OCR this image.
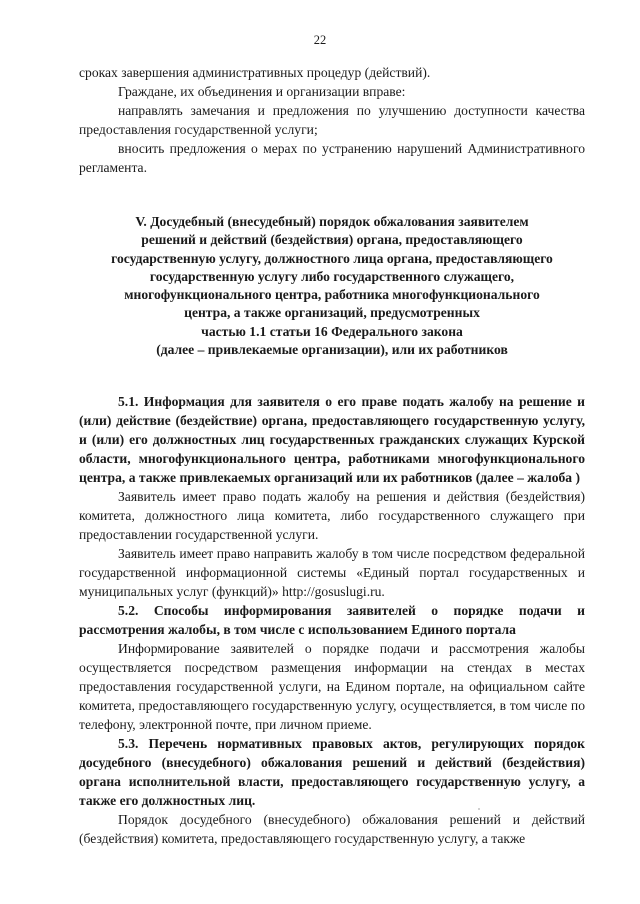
22

сроках завершения административных процедур (действий).

Граждане, их объединения и организации вправе:

направлять замечания и предложения по улучшению доступности качества предоставления государственной услуги;

вносить предложения о мерах по устранению нарушений Административного регламента.

V. Досудебный (внесудебный) порядок обжалования заявителем
решений и действий (бездействия) органа, предоставляющего
государственную услугу, должностного лица органа, предоставляющего
государственную услугу либо государственного служащего,
многофункционального центра, работника многофункционального
центра, а также организаций, предусмотренных
частью 1.1 статьи 16 Федерального закона
(далее – привлекаемые организации), или их работников

5.1. Информация для заявителя о его праве подать жалобу на решение и (или) действие (бездействие) органа, предоставляющего государственную услугу, и (или) его должностных лиц государственных гражданских служащих Курской области, многофункционального центра, работниками многофункционального центра, а также привлекаемых организаций или их работников (далее – жалоба )

Заявитель имеет право подать жалобу на решения и действия (бездействия) комитета, должностного лица комитета, либо государственного служащего при предоставлении государственной услуги.

Заявитель имеет право направить жалобу в том числе посредством федеральной государственной информационной системы «Единый портал государственных и муниципальных услуг (функций)» http://gosuslugi.ru.

5.2. Способы информирования заявителей о порядке подачи и рассмотрения жалобы, в том числе с использованием Единого портала

Информирование заявителей о порядке подачи и рассмотрения жалобы осуществляется посредством размещения информации на стендах в местах предоставления государственной услуги, на Едином портале, на официальном сайте комитета, предоставляющего государственную услугу, осуществляется, в том числе по телефону, электронной почте, при личном приеме.

5.3. Перечень нормативных правовых актов, регулирующих порядок досудебного (внесудебного) обжалования решений и действий (бездействия) органа исполнительной власти, предоставляющего государственную услугу, а также его должностных лиц.

Порядок досудебного (внесудебного) обжалования решений и действий (бездействия) комитета, предоставляющего государственную услугу, а также
